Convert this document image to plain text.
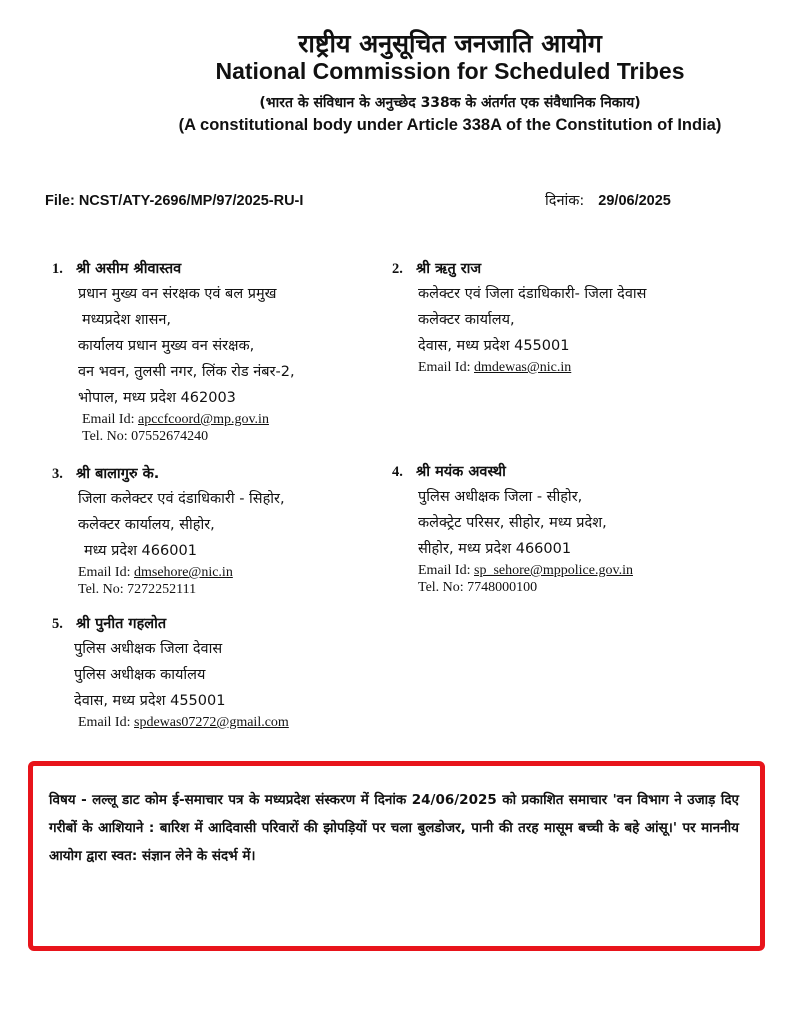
राष्ट्रीय अनुसूचित जनजाति आयोग
National Commission for Scheduled Tribes
(भारत के संविधान के अनुच्छेद 338क के अंतर्गत एक संवैधानिक निकाय)
(A constitutional body under Article 338A of the Constitution of India)
File: NCST/ATY-2696/MP/97/2025-RU-I	दिनांक: 29/06/2025
1. श्री असीम श्रीवास्तव
प्रधान मुख्य वन संरक्षक एवं बल प्रमुख
मध्यप्रदेश शासन,
कार्यालय प्रधान मुख्य वन संरक्षक,
वन भवन, तुलसी नगर, लिंक रोड नंबर-2,
भोपाल, मध्य प्रदेश 462003
Email Id: apccfcoord@mp.gov.in
Tel. No: 07552674240
2. श्री ऋतु राज
कलेक्टर एवं जिला दंडाधिकारी- जिला देवास
कलेक्टर कार्यालय,
देवास, मध्य प्रदेश 455001
Email Id: dmdewas@nic.in
3. श्री बालागुरु के.
जिला कलेक्टर एवं दंडाधिकारी - सिहोर,
कलेक्टर कार्यालय, सीहोर,
मध्य प्रदेश 466001
Email Id: dmsehore@nic.in
Tel. No: 7272252111
4. श्री मयंक अवस्थी
पुलिस अधीक्षक जिला - सीहोर,
कलेक्ट्रेट परिसर, सीहोर, मध्य प्रदेश,
सीहोर, मध्य प्रदेश 466001
Email Id: sp_sehore@mppolice.gov.in
Tel. No: 7748000100
5. श्री पुनीत गहलोत
पुलिस अधीक्षक जिला देवास
पुलिस अधीक्षक कार्यालय
देवास, मध्य प्रदेश 455001
Email Id: spdewas07272@gmail.com
विषय - लल्लू डाट कोम ई-समाचार पत्र के मध्यप्रदेश संस्करण में दिनांक 24/06/2025 को प्रकाशित समाचार 'वन विभाग ने उजाड़ दिए गरीबों के आशियाने : बारिश में आदिवासी परिवारों की झोपड़ियों पर चला बुलडोजर, पानी की तरह मासूम बच्ची के बहे आंसू।' पर माननीय आयोग द्वारा स्वत: संज्ञान लेने के संदर्भ में।
